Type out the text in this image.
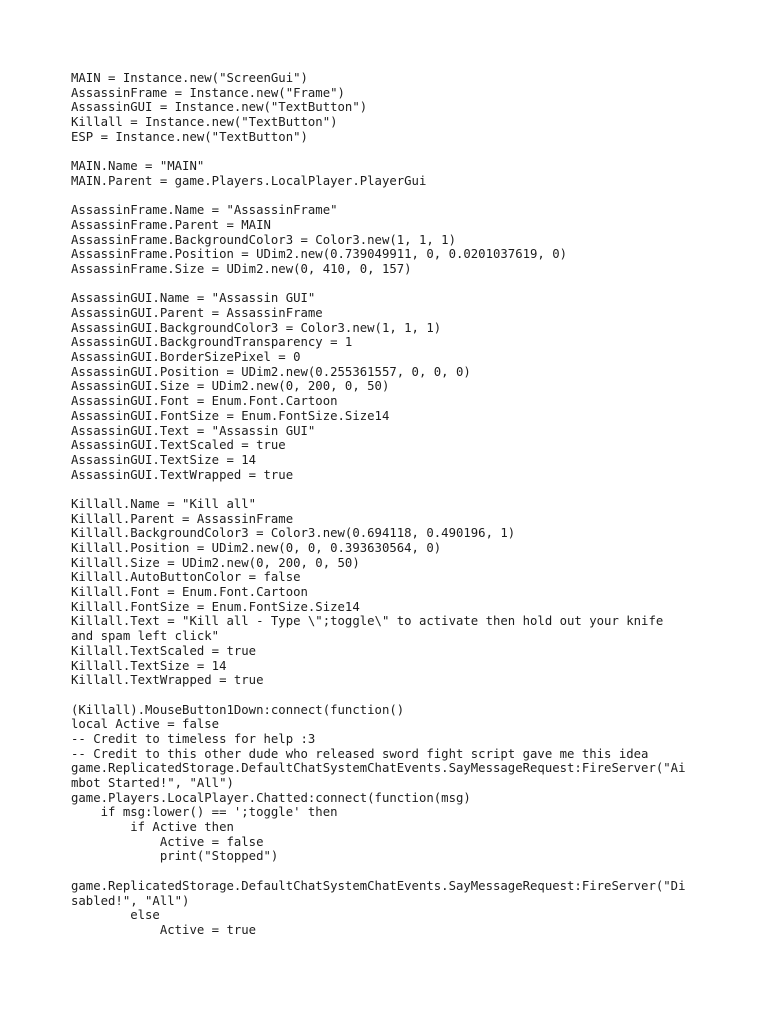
MAIN = Instance.new("ScreenGui")
AssassinFrame = Instance.new("Frame")
AssassinGUI = Instance.new("TextButton")
Killall = Instance.new("TextButton")
ESP = Instance.new("TextButton")
MAIN.Name = "MAIN"
MAIN.Parent = game.Players.LocalPlayer.PlayerGui
AssassinFrame.Name = "AssassinFrame"
AssassinFrame.Parent = MAIN
AssassinFrame.BackgroundColor3 = Color3.new(1, 1, 1)
AssassinFrame.Position = UDim2.new(0.739049911, 0, 0.0201037619, 0)
AssassinFrame.Size = UDim2.new(0, 410, 0, 157)
AssassinGUI.Name = "Assassin GUI"
AssassinGUI.Parent = AssassinFrame
AssassinGUI.BackgroundColor3 = Color3.new(1, 1, 1)
AssassinGUI.BackgroundTransparency = 1
AssassinGUI.BorderSizePixel = 0
AssassinGUI.Position = UDim2.new(0.255361557, 0, 0, 0)
AssassinGUI.Size = UDim2.new(0, 200, 0, 50)
AssassinGUI.Font = Enum.Font.Cartoon
AssassinGUI.FontSize = Enum.FontSize.Size14
AssassinGUI.Text = "Assassin GUI"
AssassinGUI.TextScaled = true
AssassinGUI.TextSize = 14
AssassinGUI.TextWrapped = true
Killall.Name = "Kill all"
Killall.Parent = AssassinFrame
Killall.BackgroundColor3 = Color3.new(0.694118, 0.490196, 1)
Killall.Position = UDim2.new(0, 0, 0.393630564, 0)
Killall.Size = UDim2.new(0, 200, 0, 50)
Killall.AutoButtonColor = false
Killall.Font = Enum.Font.Cartoon
Killall.FontSize = Enum.FontSize.Size14
Killall.Text = "Kill all - Type \";toggle\" to activate then hold out your knife
and spam left click"
Killall.TextScaled = true
Killall.TextSize = 14
Killall.TextWrapped = true
(Killall).MouseButton1Down:connect(function()
local Active = false
-- Credit to timeless for help :3
-- Credit to this other dude who released sword fight script gave me this idea
game.ReplicatedStorage.DefaultChatSystemChatEvents.SayMessageRequest:FireServer("Ai
mbot Started!", "All")
game.Players.LocalPlayer.Chatted:connect(function(msg)
if msg:lower() == ';toggle' then
if Active then
Active = false
print("Stopped")
game.ReplicatedStorage.DefaultChatSystemChatEvents.SayMessageRequest:FireServer("Di
sabled!", "All")
else
Active = true
